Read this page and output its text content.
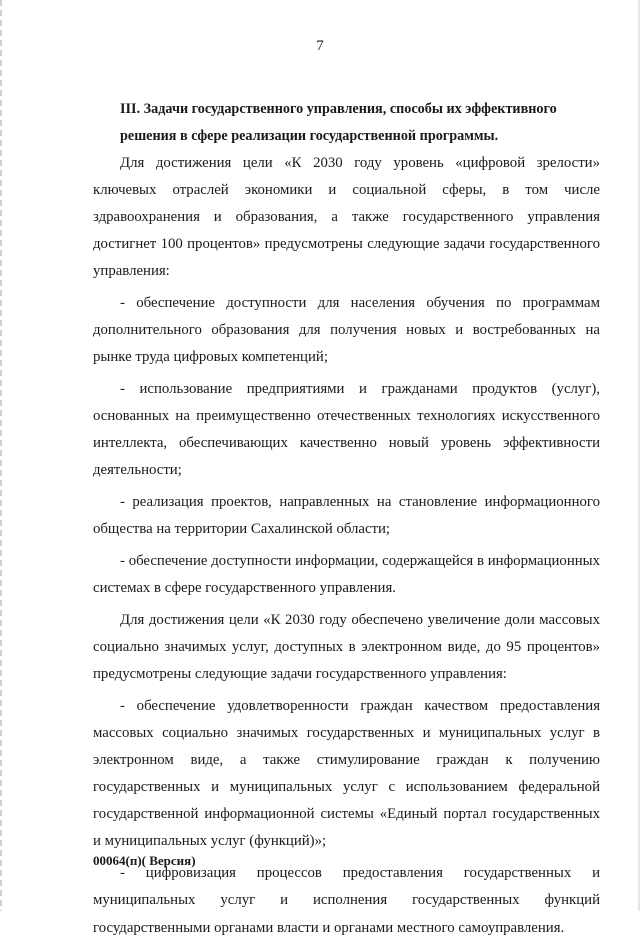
7
III. Задачи государственного управления, способы их эффективного решения в сфере реализации государственной программы.

Для достижения цели «К 2030 году уровень «цифровой зрелости» ключевых отраслей экономики и социальной сферы, в том числе здравоохранения и образования, а также государственного управления достигнет 100 процентов» предусмотрены следующие задачи государственного управления:

- обеспечение доступности для населения обучения по программам дополнительного образования для получения новых и востребованных на рынке труда цифровых компетенций;

- использование предприятиями и гражданами продуктов (услуг), основанных на преимущественно отечественных технологиях искусственного интеллекта, обеспечивающих качественно новый уровень эффективности деятельности;

- реализация проектов, направленных на становление информационного общества на территории Сахалинской области;

- обеспечение доступности информации, содержащейся в информационных системах в сфере государственного управления.

Для достижения цели «К 2030 году обеспечено увеличение доли массовых социально значимых услуг, доступных в электронном виде, до 95 процентов» предусмотрены следующие задачи государственного управления:

- обеспечение удовлетворенности граждан качеством предоставления массовых социально значимых государственных и муниципальных услуг в электронном виде, а также стимулирование граждан к получению государственных и муниципальных услуг с использованием федеральной государственной информационной системы «Единый портал государственных и муниципальных услуг (функций)»;

- цифровизация процессов предоставления государственных и муниципальных услуг и исполнения государственных функций государственными органами власти и органами местного самоуправления.

00064(п)( Версия)
